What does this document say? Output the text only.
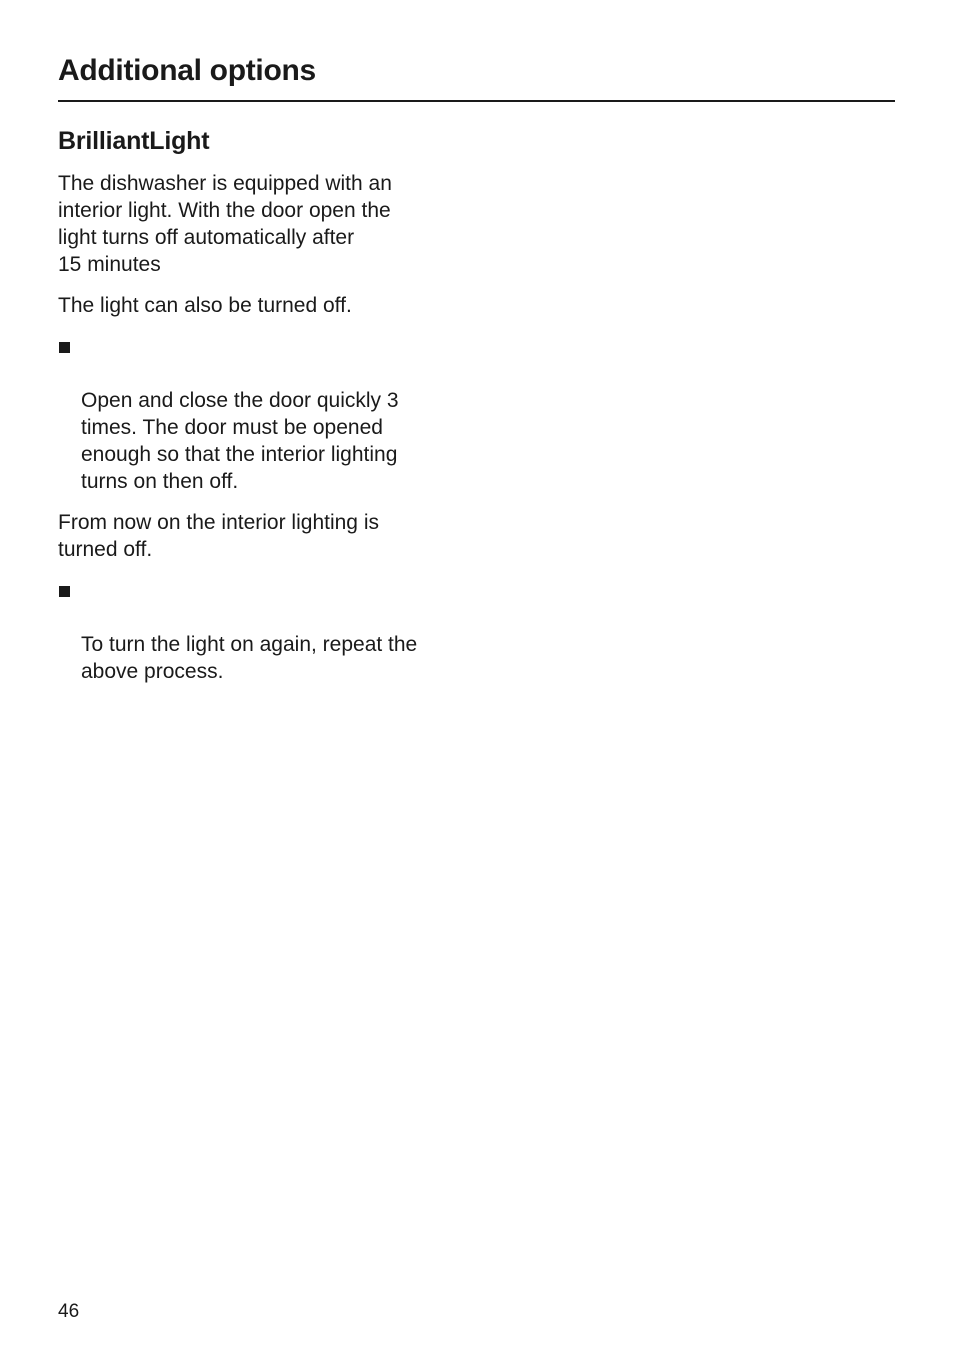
Additional options
BrilliantLight

The dishwasher is equipped with an
interior light. With the door open the
light turns off automatically after
15 minutes

The light can also be turned off.

Open and close the door quickly 3
times. The door must be opened
enough so that the interior lighting
turns on then off.

From now on the interior lighting is
turned off.

To turn the light on again, repeat the
above process.

46
